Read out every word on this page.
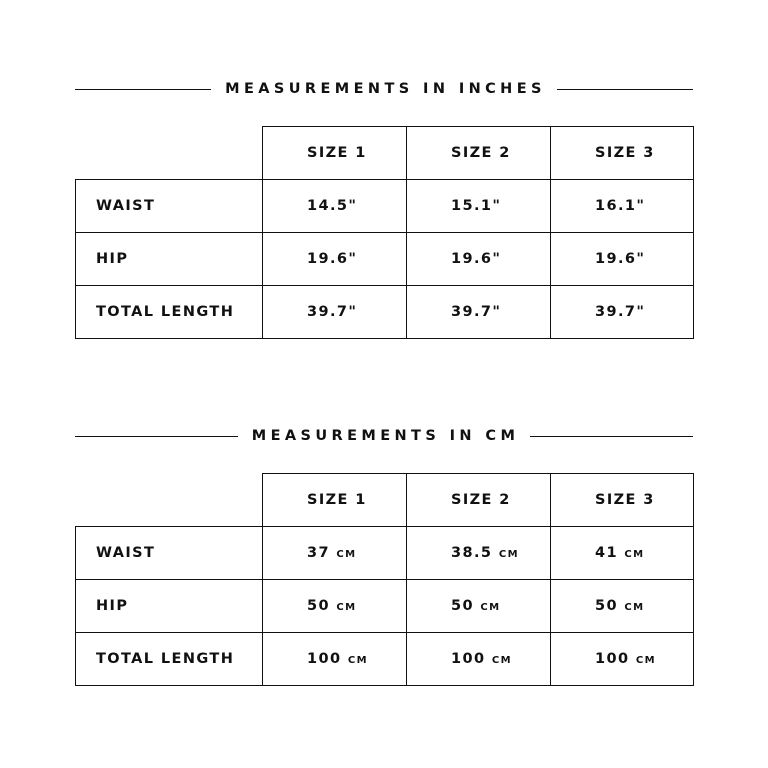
MEASUREMENTS IN INCHES
	SIZE 1	SIZE 2	SIZE 3
WAIST	14.5"	15.1"	16.1"
HIP	19.6"	19.6"	19.6"
TOTAL LENGTH	39.7"	39.7"	39.7"
MEASUREMENTS IN CM
	SIZE 1	SIZE 2	SIZE 3
WAIST	37 cm	38.5 cm	41 cm
HIP	50 cm	50 cm	50 cm
TOTAL LENGTH	100 cm	100 cm	100 cm
